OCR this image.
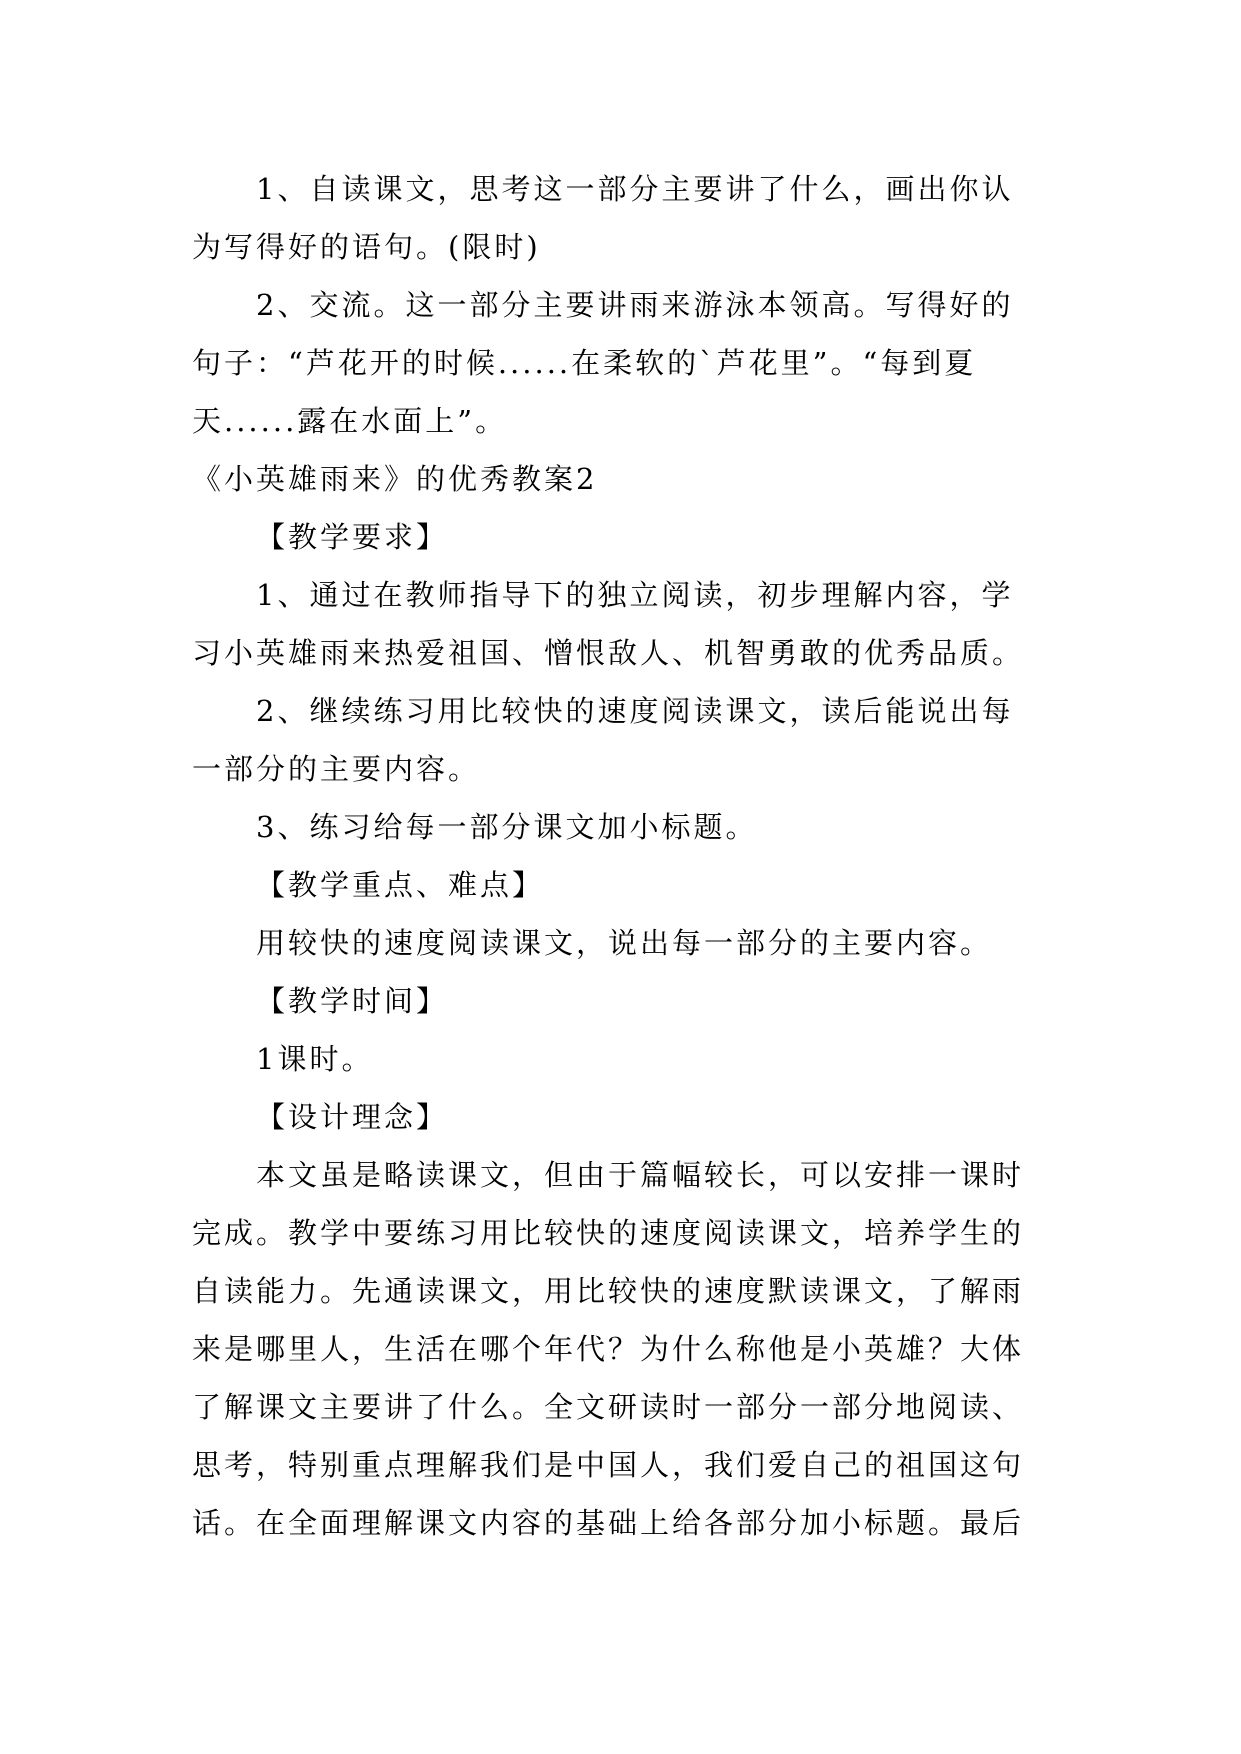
1、自读课文，思考这一部分主要讲了什么，画出你认
为写得好的语句。(限时)
2、交流。这一部分主要讲雨来游泳本领高。写得好的
句子：“芦花开的时候......在柔软的`芦花里”。“每到夏
天......露在水面上”。
《小英雄雨来》的优秀教案2
【教学要求】
1、通过在教师指导下的独立阅读，初步理解内容，学
习小英雄雨来热爱祖国、憎恨敌人、机智勇敢的优秀品质。
2、继续练习用比较快的速度阅读课文，读后能说出每
一部分的主要内容。
3、练习给每一部分课文加小标题。
【教学重点、难点】
用较快的速度阅读课文，说出每一部分的主要内容。
【教学时间】
1课时。
【设计理念】
本文虽是略读课文，但由于篇幅较长，可以安排一课时
完成。教学中要练习用比较快的速度阅读课文，培养学生的
自读能力。先通读课文，用比较快的速度默读课文，了解雨
来是哪里人，生活在哪个年代？为什么称他是小英雄？大体
了解课文主要讲了什么。全文研读时一部分一部分地阅读、
思考，特别重点理解我们是中国人，我们爱自己的祖国这句
话。在全面理解课文内容的基础上给各部分加小标题。最后
